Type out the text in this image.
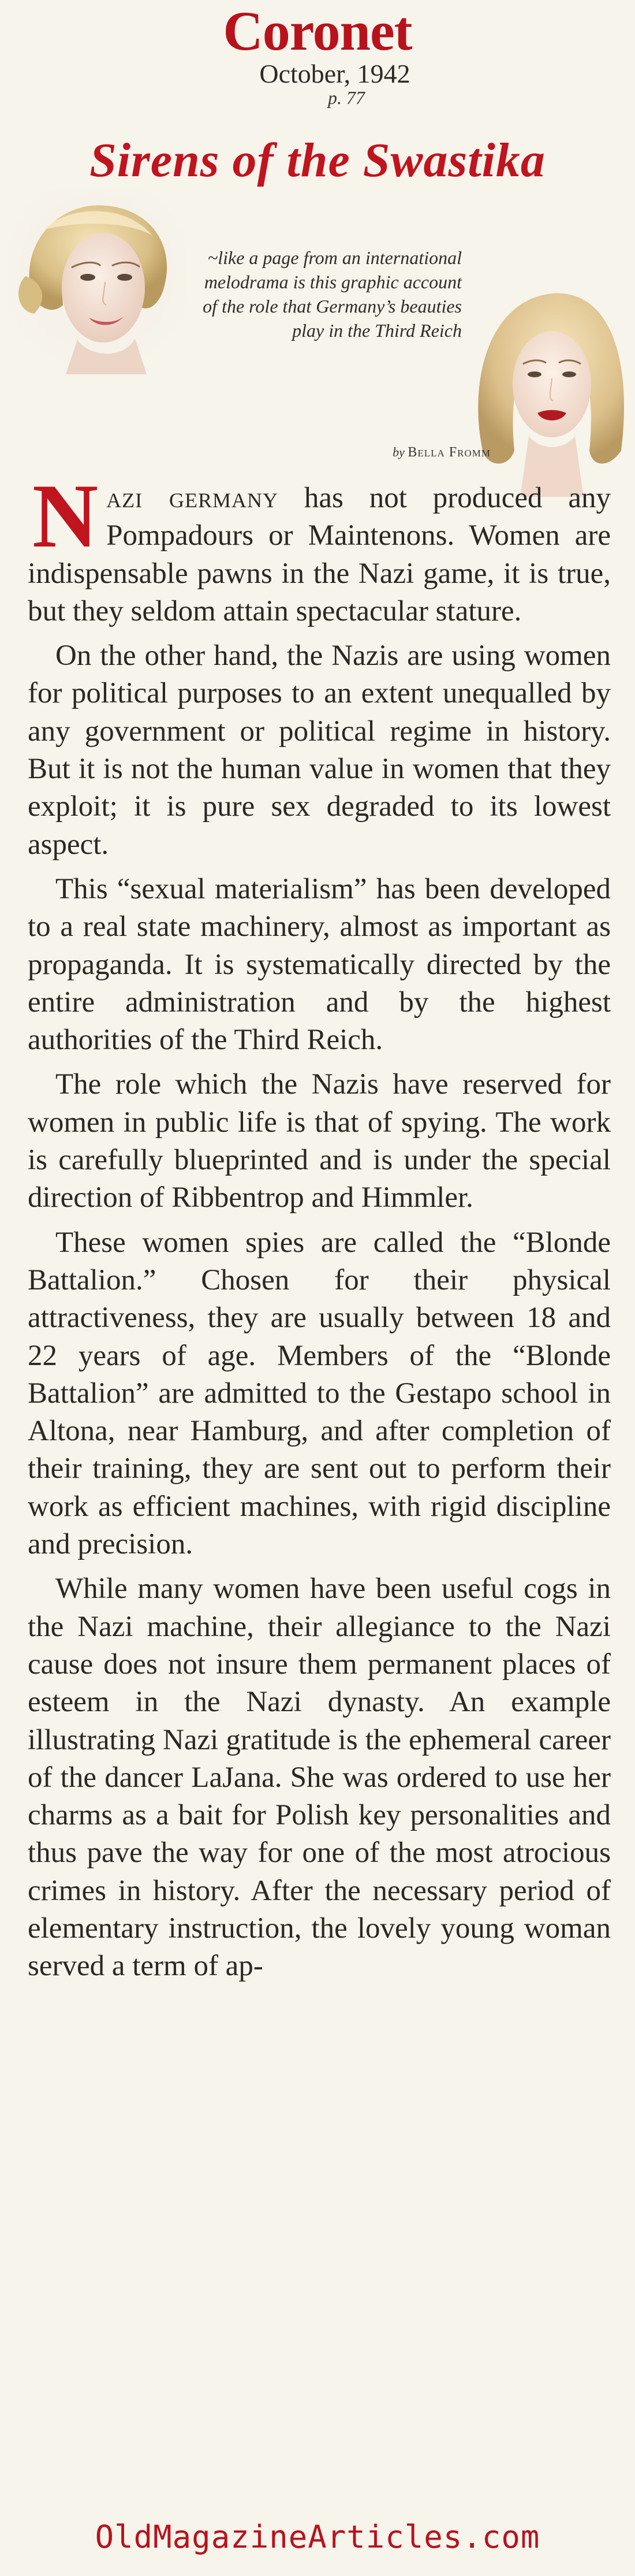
Coronet
October, 1942
p. 77
Sirens of the Swastika
~like a page from an international melodrama is this graphic account of the role that Germany’s beauties play in the Third Reich
by Bella Fromm

Nazi germany has not produced any Pompadours or Maintenons. Women are indispensable pawns in the Nazi game, it is true, but they seldom attain spectacular stature.

On the other hand, the Nazis are using women for political purposes to an extent unequalled by any government or political regime in history. But it is not the human value in women that they exploit; it is pure sex degraded to its lowest aspect.

This “sexual materialism” has been developed to a real state machinery, almost as important as propaganda. It is systematically directed by the entire administration and by the highest authorities of the Third Reich.

The role which the Nazis have reserved for women in public life is that of spying. The work is carefully blueprinted and is under the special direction of Ribbentrop and Himmler.

These women spies are called the “Blonde Battalion.” Chosen for their physical attractiveness, they are usually between 18 and 22 years of age. Members of the “Blonde Battalion” are admitted to the Gestapo school in Altona, near Hamburg, and after completion of their training, they are sent out to perform their work as efficient machines, with rigid discipline and precision.

While many women have been useful cogs in the Nazi machine, their allegiance to the Nazi cause does not insure them permanent places of esteem in the Nazi dynasty. An example illustrating Nazi gratitude is the ephemeral career of the dancer LaJana. She was ordered to use her charms as a bait for Polish key personalities and thus pave the way for one of the most atrocious crimes in history. After the necessary period of elementary instruction, the lovely young woman served a term of ap-

OldMagazineArticles.com
